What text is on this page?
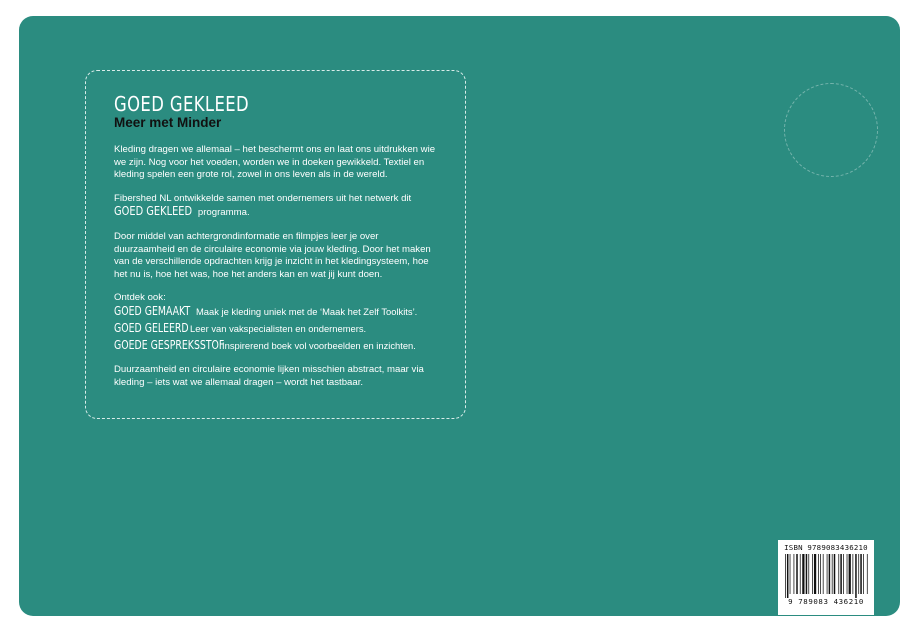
GOED GEKLEED
Meer met Minder

Kleding dragen we allemaal – het beschermt ons en laat ons uitdrukken wie we zijn. Nog voor het voeden, worden we in doeken gewikkeld. Textiel en kleding spelen een grote rol, zowel in ons leven als in de wereld.

Fibershed NL ontwikkelde samen met ondernemers uit het netwerk dit
GOED GEKLEED programma.

Door middel van achtergrondinformatie en filmpjes leer je over duurzaamheid en de circulaire economie via jouw kleding. Door het maken van de verschillende opdrachten krijg je inzicht in het kledingsysteem, hoe het nu is, hoe het was, hoe het anders kan en wat jij kunt doen.

Ontdek ook:

GOED GEMAAKT Maak je kleding uniek met de ‘Maak het Zelf Toolkits’.
GOED GELEERD Leer van vakspecialisten en ondernemers.
GOEDE GESPREKSSTOF
Inspirerend boek vol voorbeelden en inzichten.

Duurzaamheid en circulaire economie lijken misschien abstract, maar via kleding – iets wat we allemaal dragen – wordt het tastbaar.

ISBN 9789083436210
9 789083 436210
